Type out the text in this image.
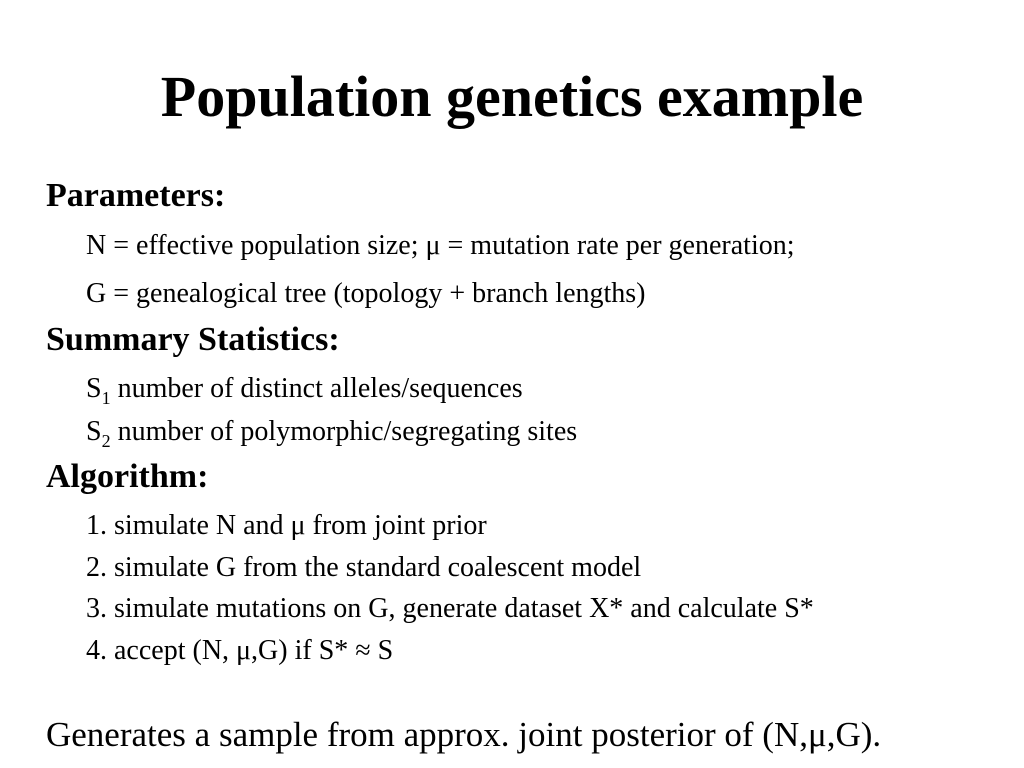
Population genetics example
Parameters:
N = effective population size; μ = mutation rate per generation;
G = genealogical tree (topology + branch lengths)
Summary Statistics:
$S_1$ number of distinct alleles/sequences
$S_2$ number of polymorphic/segregating sites
Algorithm:
1. simulate N and μ from joint prior
2. simulate G from the standard coalescent model
3. simulate mutations on G, generate dataset X* and calculate S*
4. accept (N, μ,G) if S* ≈ S
Generates a sample from approx. joint posterior of (N,μ,G).
